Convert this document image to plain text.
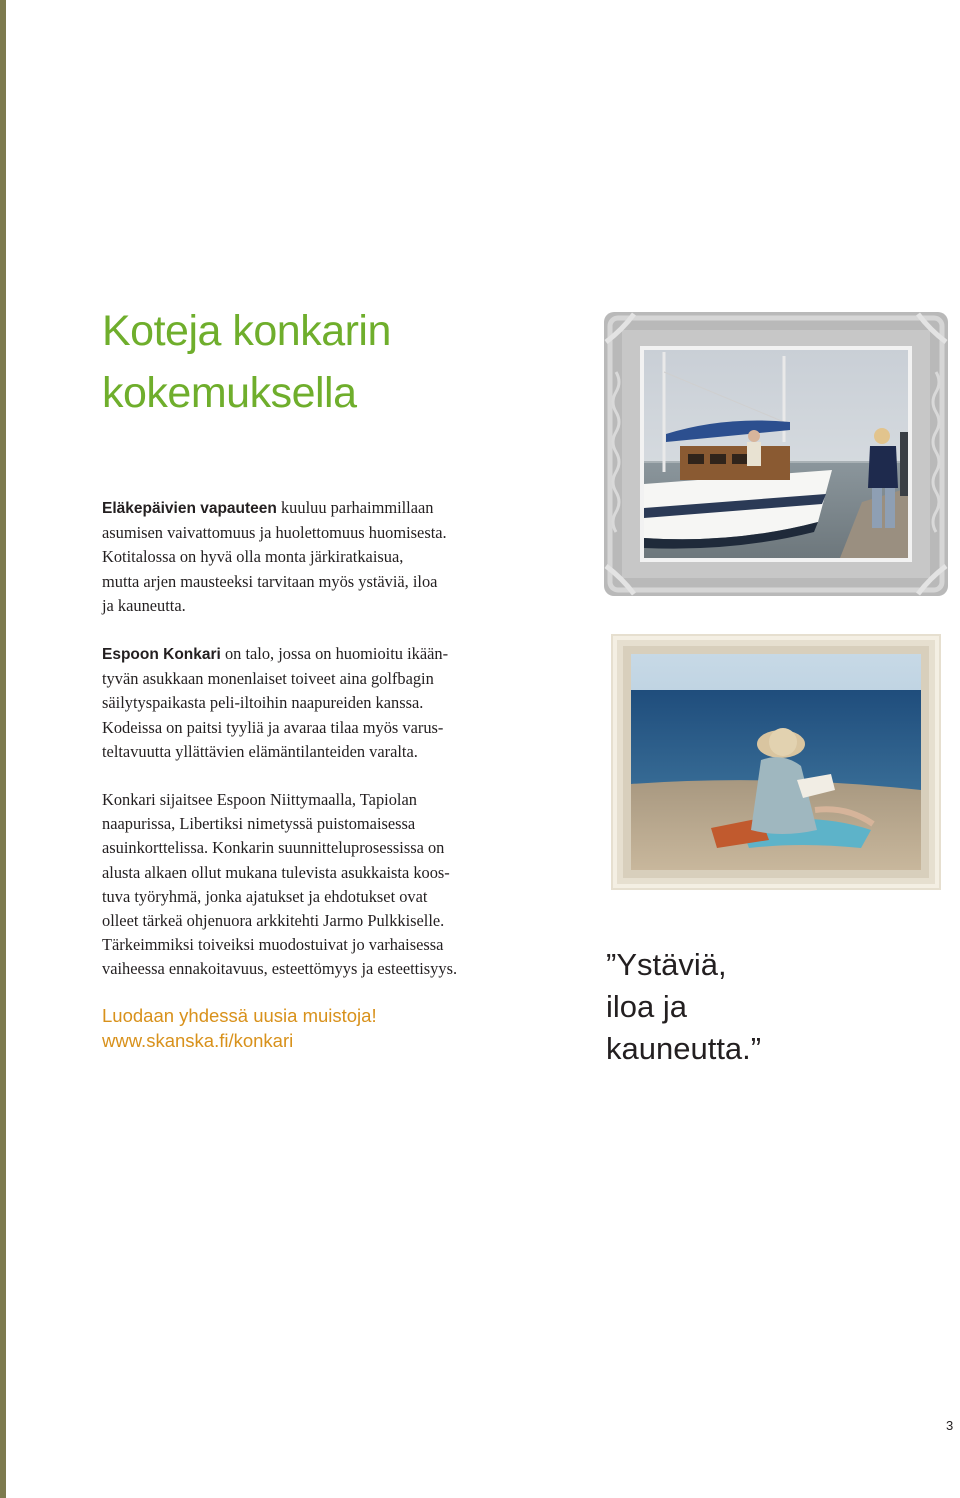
Koteja konkarin
kokemuksella

Eläkepäivien vapauteen kuuluu parhaimmillaan
asumisen vaivattomuus ja huolettomuus huomisesta.
Kotitalossa on hyvä olla monta järkiratkaisua,
mutta arjen mausteeksi tarvitaan myös ystäviä, iloa
ja kauneutta.

Espoon Konkari on talo, jossa on huomioitu ikään-
tyvän asukkaan monenlaiset toiveet aina golfbagin
säilytyspaikasta peli-iltoihin naapureiden kanssa.
Kodeissa on paitsi tyyliä ja avaraa tilaa myös varus-
teltavuutta yllättävien elämäntilanteiden varalta.

Konkari sijaitsee Espoon Niittymaalla, Tapiolan
naapurissa, Libertiksi nimetyssä puistomaisessa
asuinkorttelissa. Konkarin suunnitteluprosessissa on
alusta alkaen ollut mukana tulevista asukkaista koos-
tuva työryhmä, jonka ajatukset ja ehdotukset ovat
olleet tärkeä ohjenuora arkkitehti Jarmo Pulkkiselle.
Tärkeimmiksi toiveiksi muodostuivat jo varhaisessa
vaiheessa ennakoitavuus, esteettömyys ja esteettisyys.

Luodaan yhdessä uusia muistoja!
www.skanska.fi/konkari
”Ystäviä,
iloa ja
kauneutta.”
3
